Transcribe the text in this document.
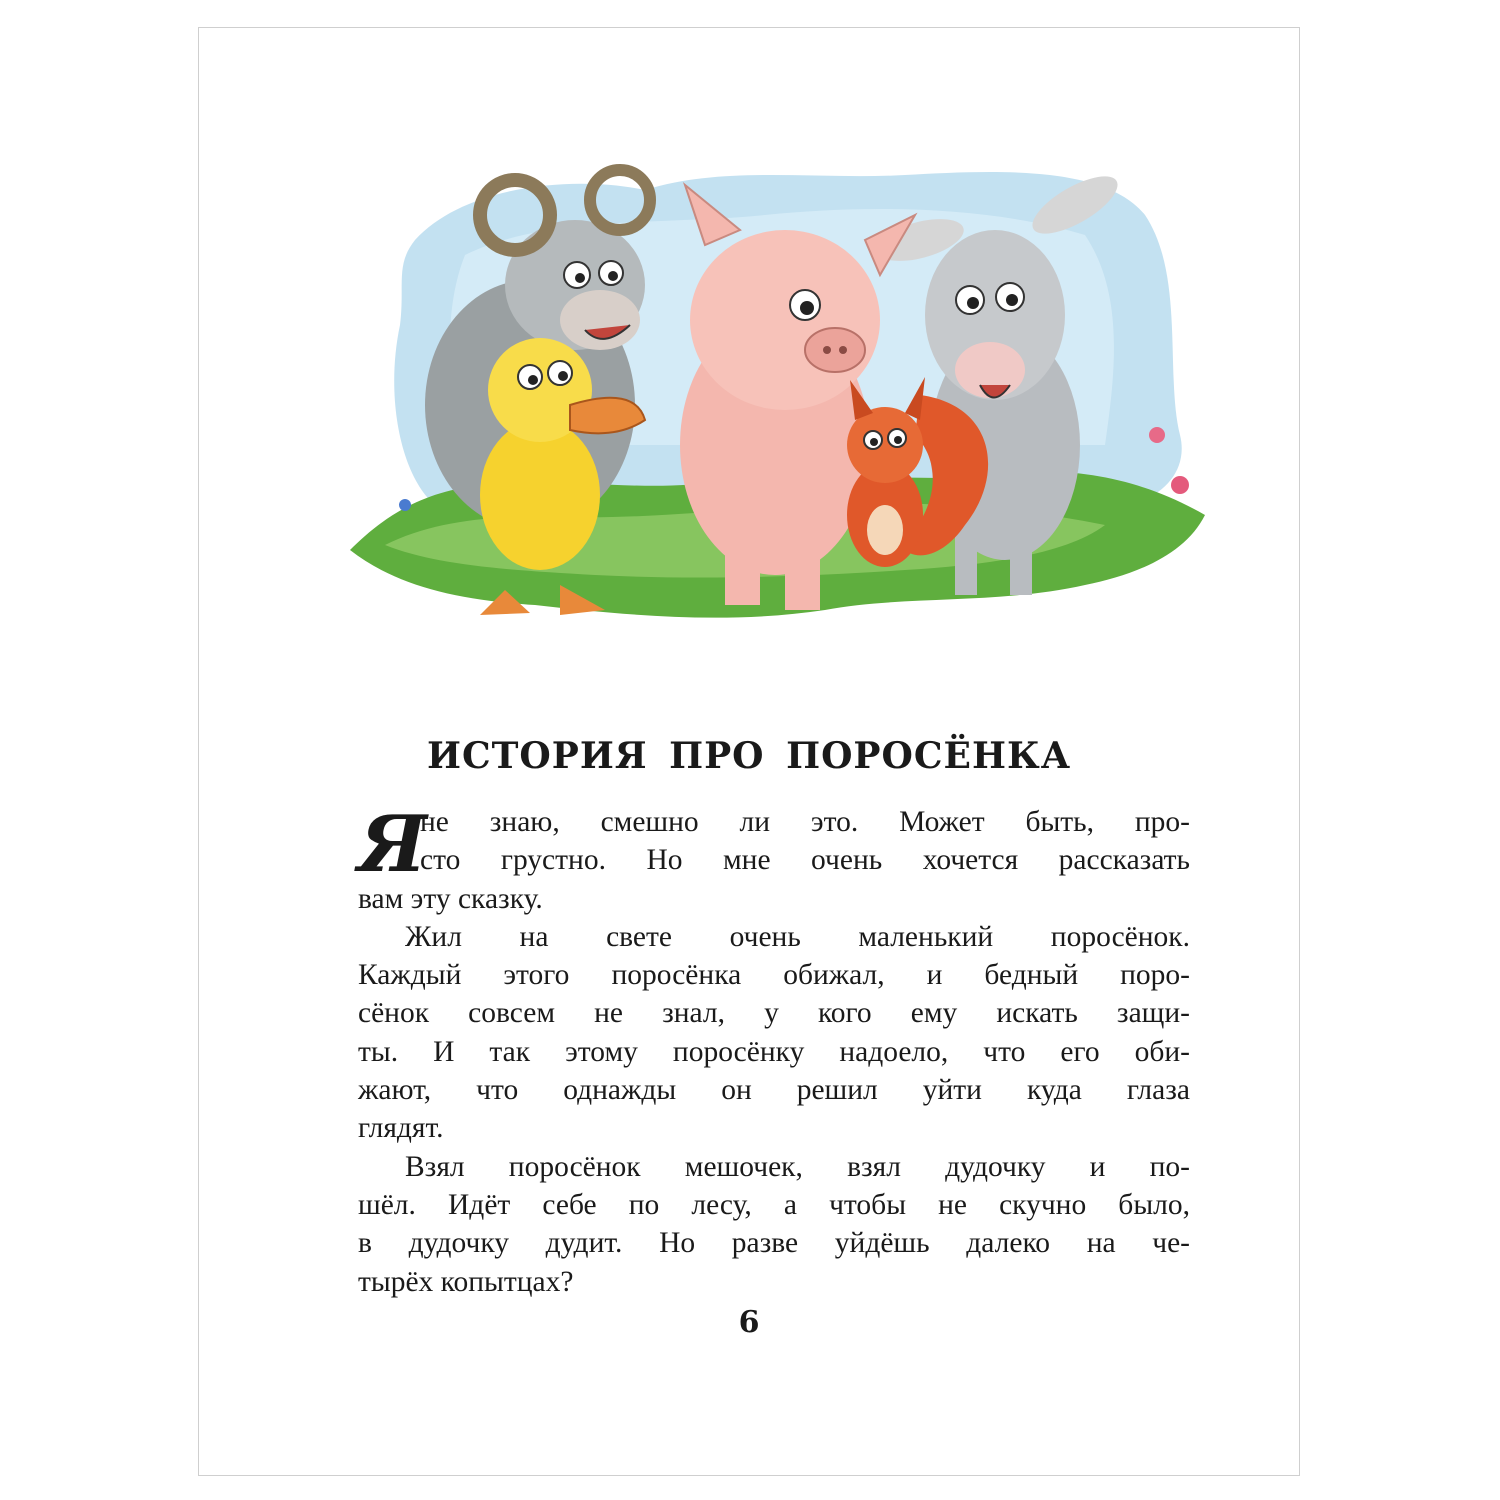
ИСТОРИЯ ПРО ПОРОСЁНКА
Я
не знаю, смешно ли это. Может быть, про-
сто грустно. Но мне очень хочется рассказать
вам эту сказку.
Жил на свете очень маленький поросёнок.
Каждый этого поросёнка обижал, и бедный поро-
сёнок совсем не знал, у кого ему искать защи-
ты. И так этому поросёнку надоело, что его оби-
жают, что однажды он решил уйти куда глаза
глядят.
Взял поросёнок мешочек, взял дудочку и по-
шёл. Идёт себе по лесу, а чтобы не скучно было,
в дудочку дудит. Но разве уйдёшь далеко на че-
тырёх копытцах?
6
